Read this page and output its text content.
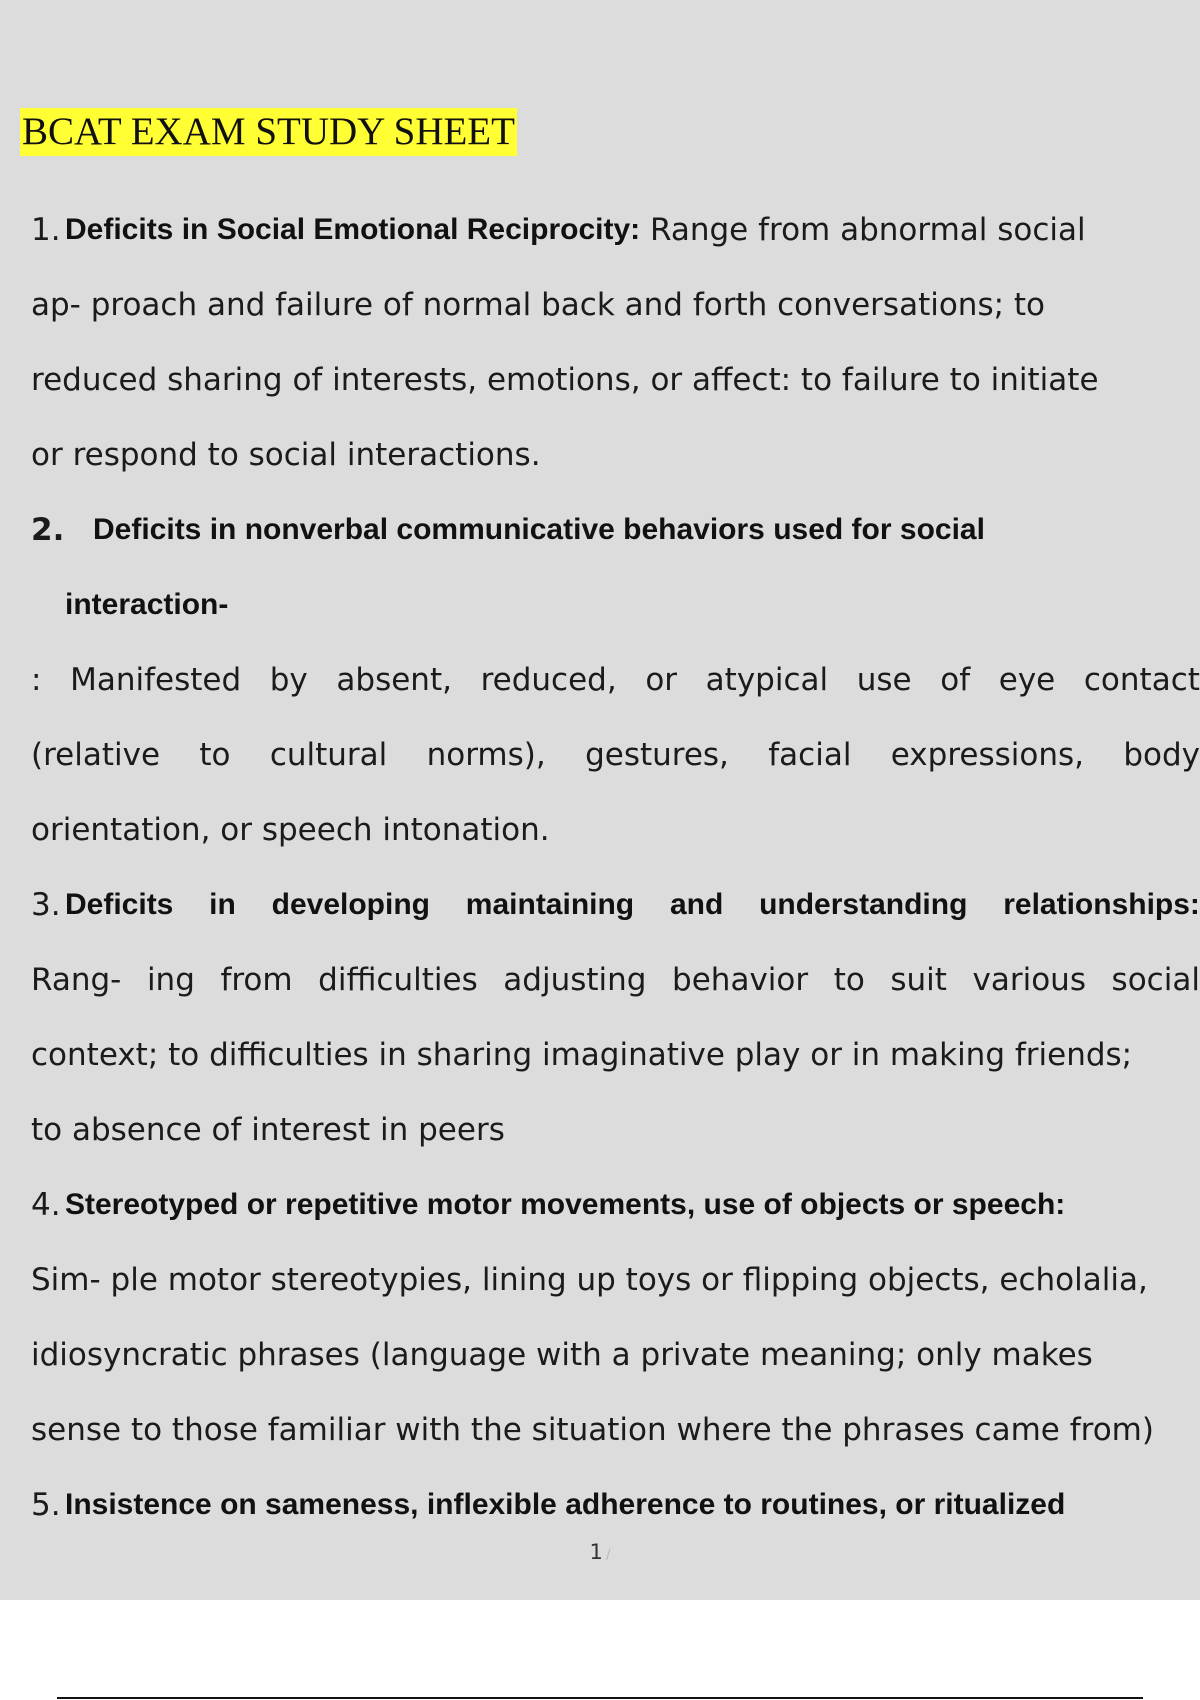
BCAT EXAM STUDY SHEET
1. Deficits in Social Emotional Reciprocity: Range from abnormal social
ap- proach and failure of normal back and forth conversations; to
reduced sharing of interests, emotions, or affect: to failure to initiate
or respond to social interactions.
2. Deficits in nonverbal communicative behaviors used for social
interaction-
: Manifested by absent, reduced, or atypical use of eye contact
(relative to cultural norms), gestures, facial expressions, body
orientation, or speech intonation.
3. Deficits in developing maintaining and understanding relationships:
Rang- ing from difficulties adjusting behavior to suit various social
context; to difficulties in sharing imaginative play or in making friends;
to absence of interest in peers
4. Stereotyped or repetitive motor movements, use of objects or speech:
Sim- ple motor stereotypies, lining up toys or flipping objects, echolalia,
idiosyncratic phrases (language with a private meaning; only makes
sense to those familiar with the situation where the phrases came from)
5. Insistence on sameness, inflexible adherence to routines, or ritualized
1 /
